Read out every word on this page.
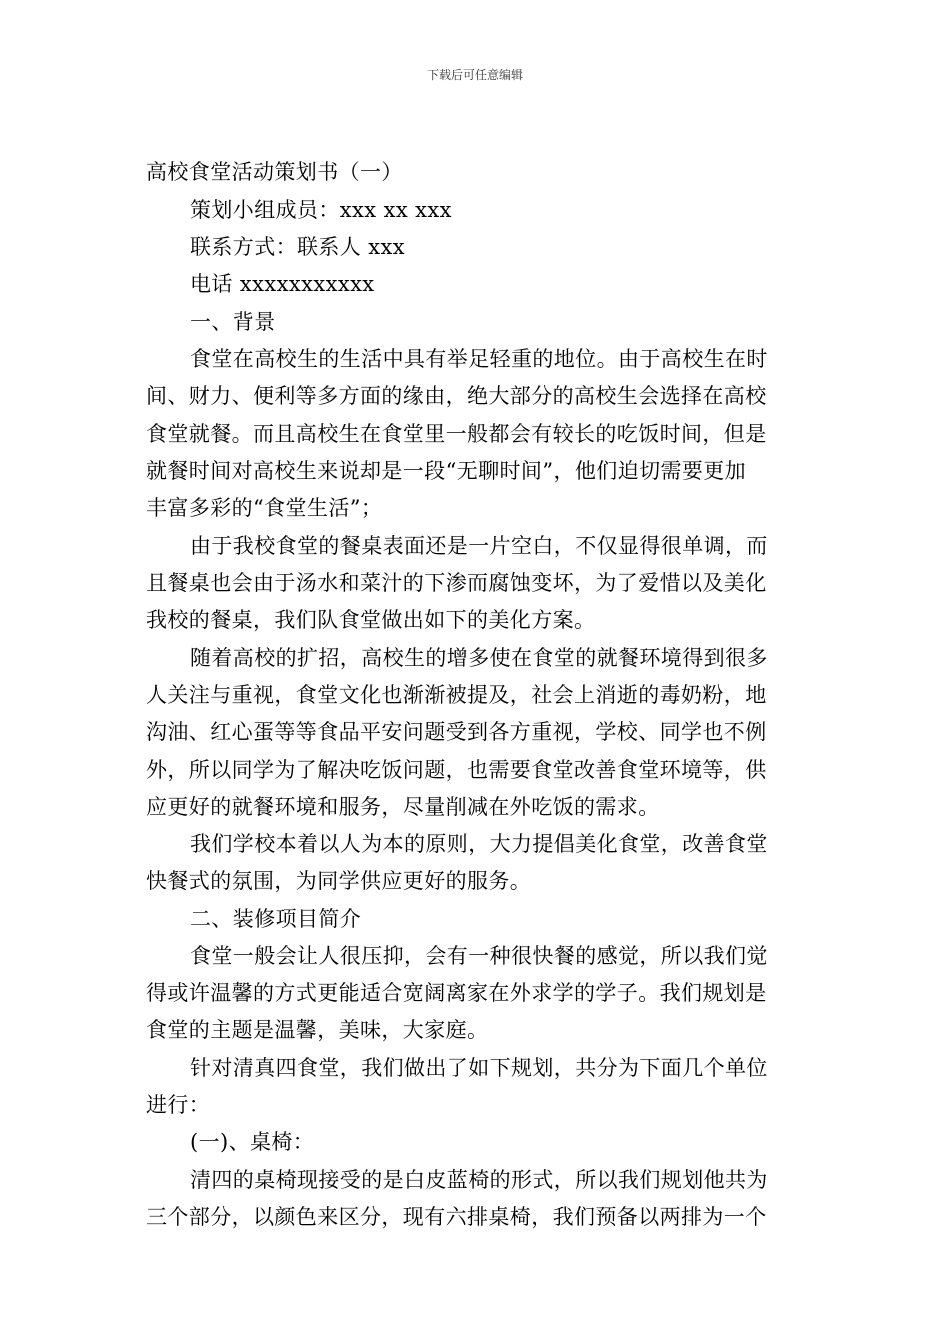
下载后可任意编辑
高校食堂活动策划书（一）
策划小组成员：xxx xx xxx
联系方式：联系人 xxx
电话 xxxxxxxxxxx
一、背景
食堂在高校生的生活中具有举足轻重的地位。由于高校生在时
间、财力、便利等多方面的缘由，绝大部分的高校生会选择在高校
食堂就餐。而且高校生在食堂里一般都会有较长的吃饭时间，但是
就餐时间对高校生来说却是一段“无聊时间”，他们迫切需要更加
丰富多彩的“食堂生活”；
由于我校食堂的餐桌表面还是一片空白，不仅显得很单调，而
且餐桌也会由于汤水和菜汁的下渗而腐蚀变坏，为了爱惜以及美化
我校的餐桌，我们队食堂做出如下的美化方案。
随着高校的扩招，高校生的增多使在食堂的就餐环境得到很多
人关注与重视，食堂文化也渐渐被提及，社会上消逝的毒奶粉，地
沟油、红心蛋等等食品平安问题受到各方重视，学校、同学也不例
外，所以同学为了解决吃饭问题，也需要食堂改善食堂环境等，供
应更好的就餐环境和服务，尽量削减在外吃饭的需求。
我们学校本着以人为本的原则，大力提倡美化食堂，改善食堂
快餐式的氛围，为同学供应更好的服务。
二、装修项目简介
食堂一般会让人很压抑，会有一种很快餐的感觉，所以我们觉
得或许温馨的方式更能适合宽阔离家在外求学的学子。我们规划是
食堂的主题是温馨，美味，大家庭。
针对清真四食堂，我们做出了如下规划，共分为下面几个单位
进行：
(一)、桌椅：
清四的桌椅现接受的是白皮蓝椅的形式，所以我们规划他共为
三个部分，以颜色来区分，现有六排桌椅，我们预备以两排为一个
